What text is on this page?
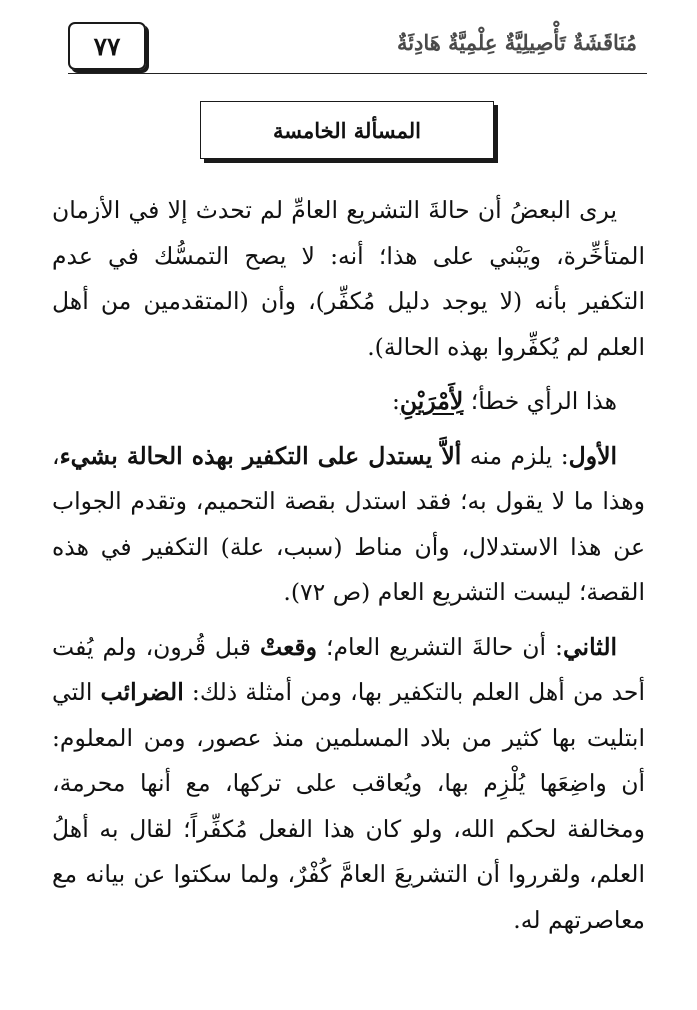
٧٧	مُنَاقَشَةٌ تَأْصِيلِيَّةٌ عِلْمِيَّةٌ هَادِئَةٌ
المسألة الخامسة

يرى البعضُ أن حالةَ التشريع العامِّ لم تحدث إلا في الأزمان المتأخِّرة، ويَبْني على هذا؛ أنه: لا يصح التمسُّك في عدم التكفير بأنه (لا يوجد دليل مُكفِّر)، وأن (المتقدمين من أهل العلم لم يُكفِّروا بهذه الحالة).

هذا الرأي خطأ؛ لِأَمْرَيْنِ:

الأول: يلزم منه ألاَّ يستدل على التكفير بهذه الحالة بشيء، وهذا ما لا يقول به؛ فقد استدل بقصة التحميم، وتقدم الجواب عن هذا الاستدلال، وأن مناط (سبب، علة) التكفير في هذه القصة؛ ليست التشريع العام (ص ٧٢).

الثاني: أن حالةَ التشريع العام؛ وقعتْ قبل قُرون، ولم يُفت أحد من أهل العلم بالتكفير بها، ومن أمثلة ذلك: الضرائب التي ابتليت بها كثير من بلاد المسلمين منذ عصور، ومن المعلوم: أن واضِعَها يُلْزِم بها، ويُعاقب على تركها، مع أنها محرمة، ومخالفة لحكم الله، ولو كان هذا الفعل مُكفِّراً؛ لقال به أهلُ العلم، ولقرروا أن التشريعَ العامَّ كُفْرٌ، ولما سكتوا عن بيانه مع معاصرتهم له.
